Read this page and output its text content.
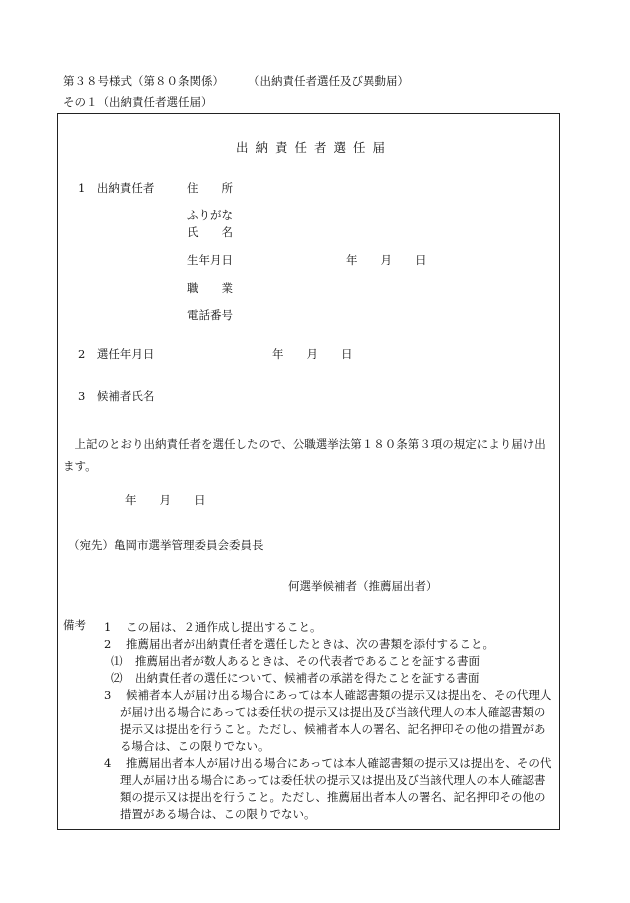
第３８号様式（第８０条関係） （出納責任者選任及び異動届）
その１（出納責任者選任届）
出納責任者選任届
1　出納責任者	住　　所
ふりがな
氏　　名
生年月日	年　　月　　日
職　　業
電話番号
2　選任年月日	年　　月　　日
3　候補者氏名
上記のとおり出納責任者を選任したので、公職選挙法第１８０条第３項の規定により届け出ます。
年　　月　　日
（宛先）亀岡市選挙管理委員会委員長
何選挙候補者（推薦届出者）
備考 1 この届は、２通作成し提出すること。
2 推薦届出者が出納責任者を選任したときは、次の書類を添付すること。
⑴ 推薦届出者が数人あるときは、その代表者であることを証する書面
⑵ 出納責任者の選任について、候補者の承諾を得たことを証する書面
3	候補者本人が届け出る場合にあっては本人確認書類の提示又は提出を、その代理人が届け出る場合にあっては委任状の提示又は提出及び当該代理人の本人確認書類の提示又は提出を行うこと。ただし、候補者本人の署名、記名押印その他の措置がある場合は、この限りでない。
4	推薦届出者本人が届け出る場合にあっては本人確認書類の提示又は提出を、その代理人が届け出る場合にあっては委任状の提示又は提出及び当該代理人の本人確認書類の提示又は提出を行うこと。ただし、推薦届出者本人の署名、記名押印その他の措置がある場合は、この限りでない。
